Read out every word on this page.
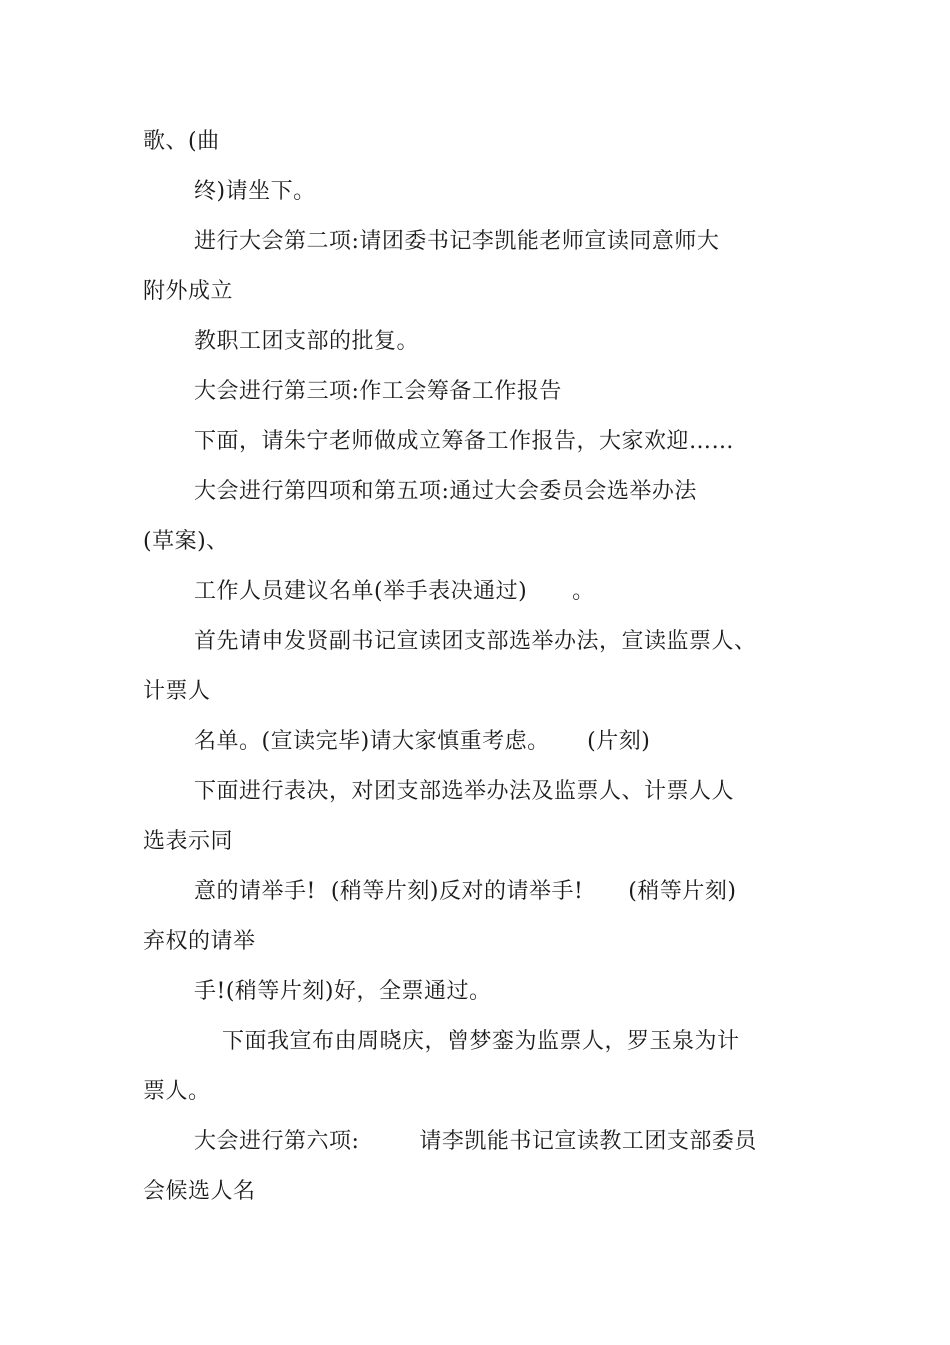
歌、(曲
终)请坐下。
进行大会第二项:请团委书记李凯能老师宣读同意师大
附外成立
教职工团支部的批复。
大会进行第三项:作工会筹备工作报告
下面，请朱宁老师做成立筹备工作报告，大家欢迎……
大会进行第四项和第五项:通过大会委员会选举办法
(草案)、
工作人员建议名单(举手表决通过)      。
首先请申发贤副书记宣读团支部选举办法，宣读监票人、
计票人
名单。(宣读完毕)请大家慎重考虑。     (片刻)
下面进行表决，对团支部选举办法及监票人、计票人人
选表示同
意的请举手!  (稍等片刻)反对的请举手!      (稍等片刻)
弃权的请举
手!(稍等片刻)好，全票通过。
下面我宣布由周晓庆，曾梦銮为监票人，罗玉泉为计
票人。
大会进行第六项:        请李凯能书记宣读教工团支部委员
会候选人名
